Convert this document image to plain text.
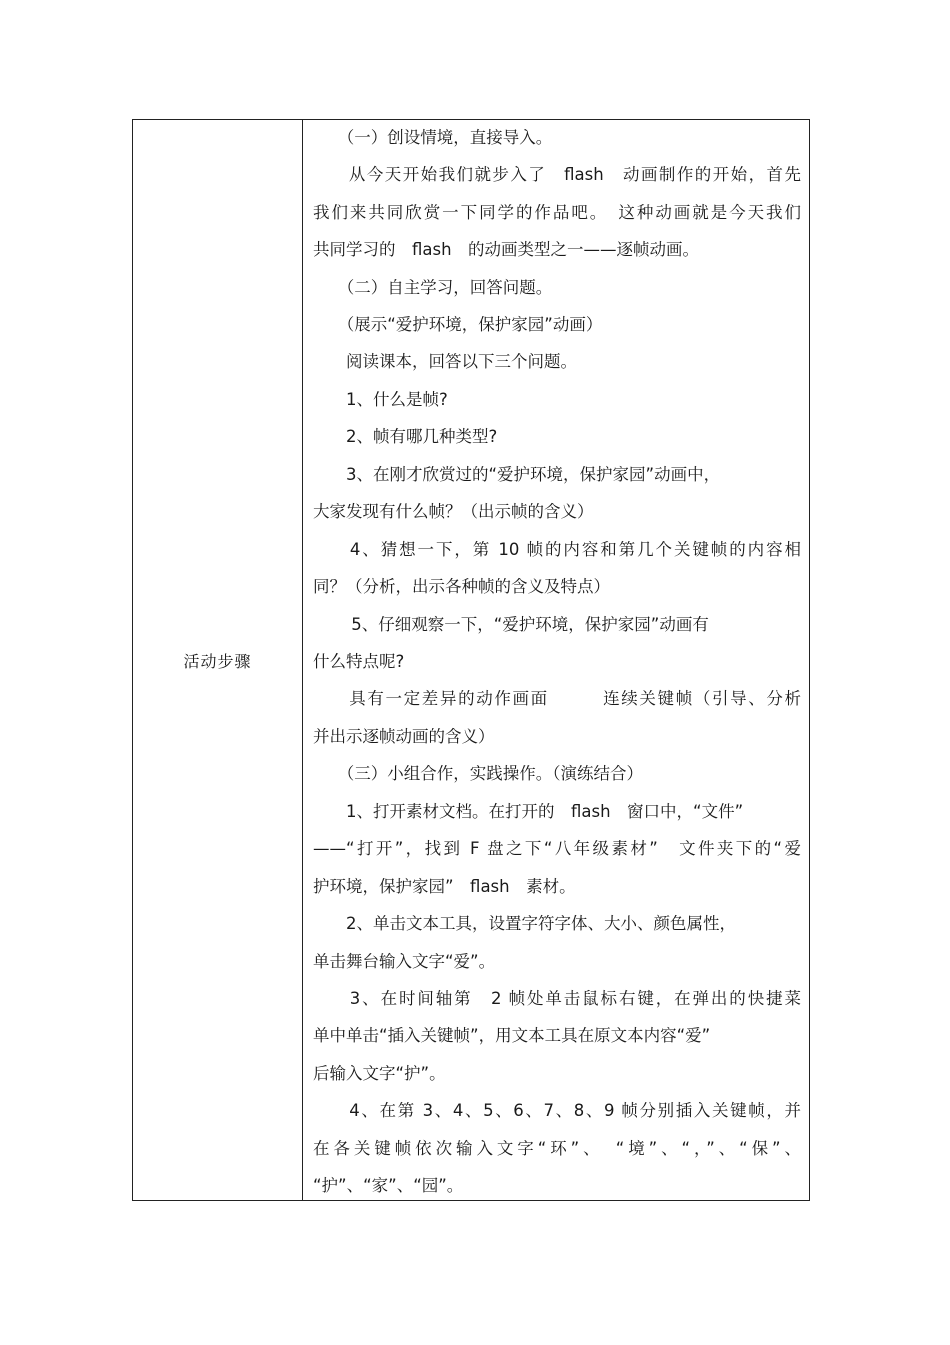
活动步骤
　　（一）创设情境，直接导入。
　　从今天开始我们就步入了　flash　动画制作的开始，首先
我们来共同欣赏一下同学的作品吧。　这种动画就是今天我们
共同学习的　flash　的动画类型之一——逐帧动画。
　　（二）自主学习，回答问题。
　　（展示“爱护环境，保护家园”动画）
　　阅读课本，回答以下三个问题。
　　1、什么是帧?
　　2、帧有哪几种类型?
　　3、在刚才欣赏过的“爱护环境，保护家园”动画中，
大家发现有什么帧？（出示帧的含义）
　　4、猜想一下，第 10 帧的内容和第几个关键帧的内容相
同？（分析，出示各种帧的含义及特点）
　　 5、仔细观察一下，“爱护环境，保护家园”动画有
什么特点呢?
　　具有一定差异的动作画面　　　连续关键帧（引导、分析
并出示逐帧动画的含义）
　　（三）小组合作，实践操作。（演练结合）
　　1、打开素材文档。在打开的　flash　窗口中，“文件”
——“打开”，找到 F 盘之下“八年级素材”　文件夹下的“爱
护环境，保护家园”　flash　素材。
　　2、单击文本工具，设置字符字体、大小、颜色属性，
单击舞台输入文字“爱”。
　　3、在时间轴第　2 帧处单击鼠标右键，在弹出的快捷菜
单中单击“插入关键帧”，用文本工具在原文本内容“爱”
后输入文字“护”。
　　4、在第 3、4、5、6、7、8、9 帧分别插入关键帧，并
在各关键帧依次输入文字“环”、　“境”、“，”、“保”、
“护”、“家”、“园”。
